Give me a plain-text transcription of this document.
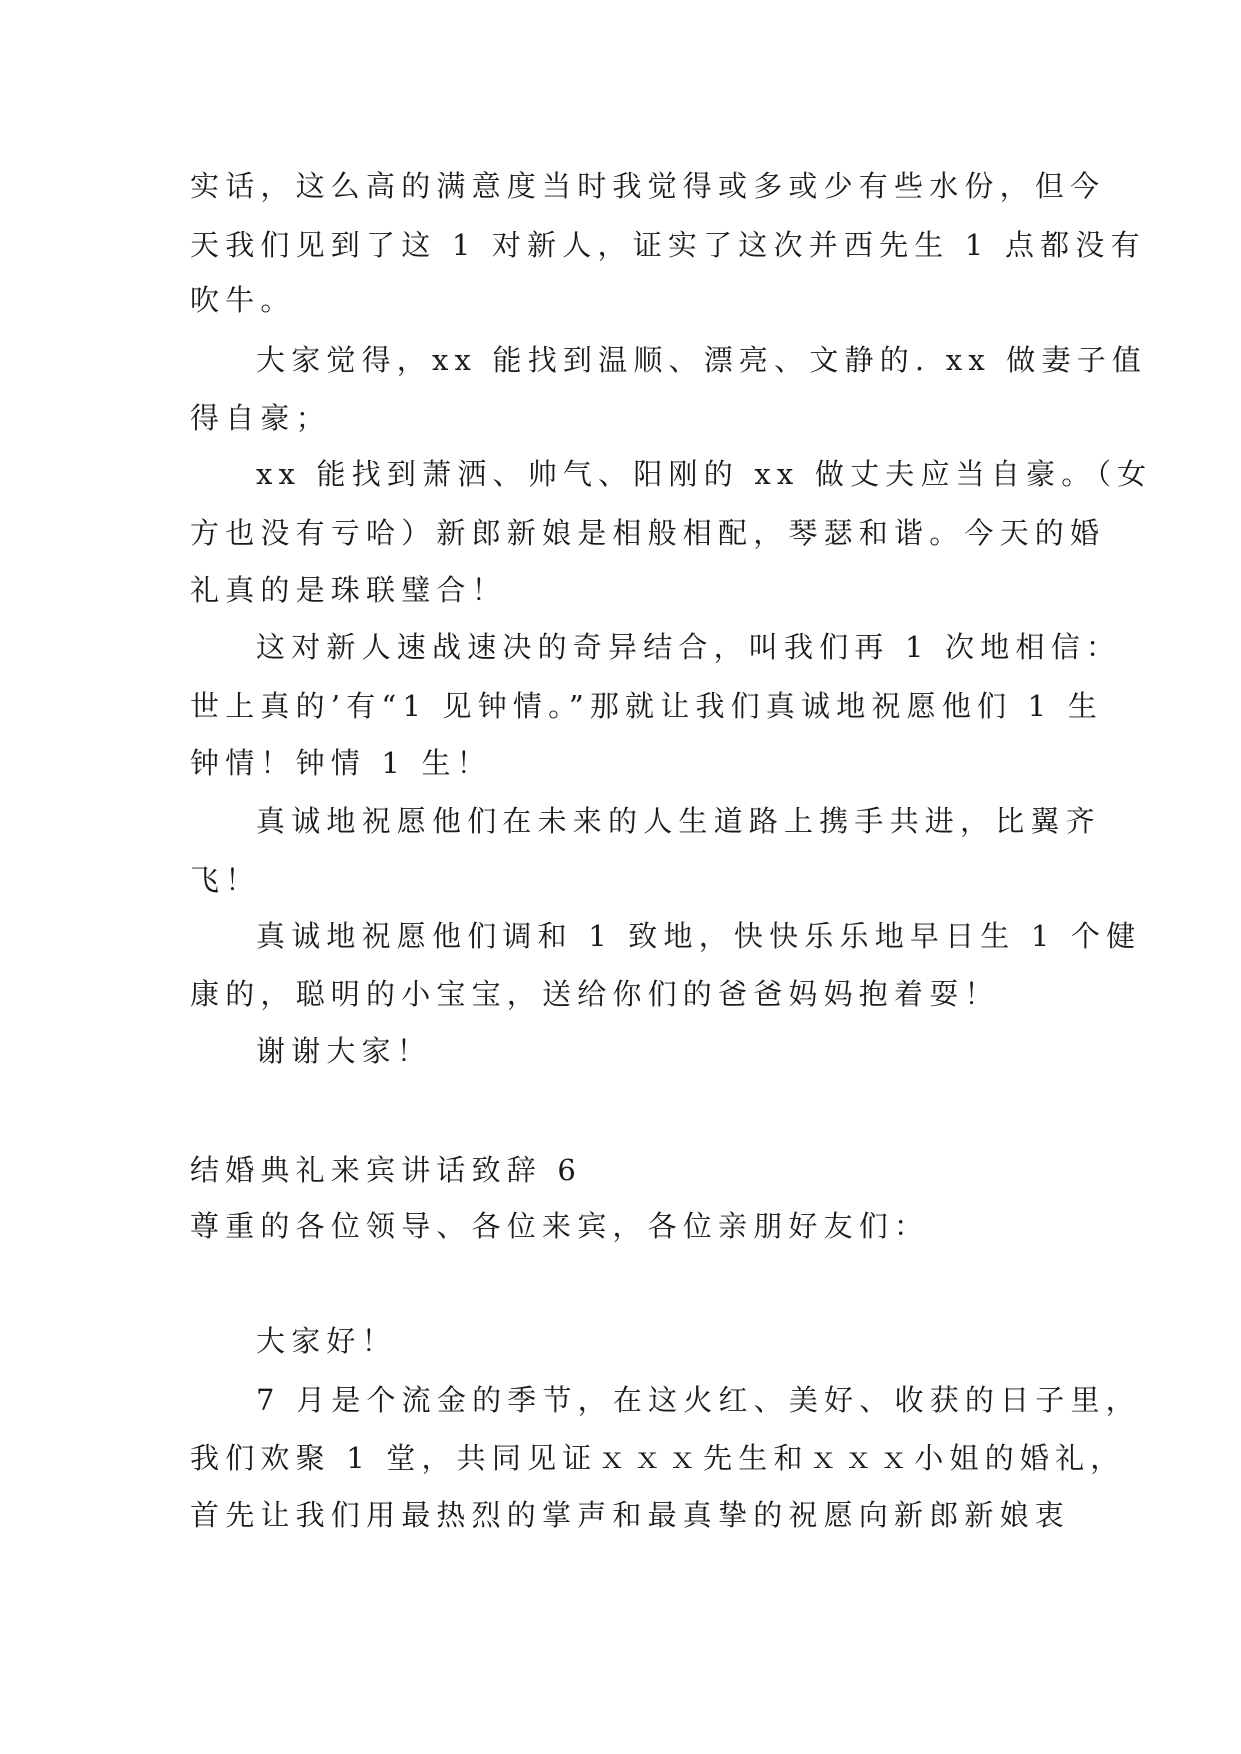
实话，这么高的满意度当时我觉得或多或少有些水份，但今
天我们见到了这 1 对新人，证实了这次并西先生 1 点都没有
吹牛。
大家觉得，xx 能找到温顺、漂亮、文静的. xx 做妻子值
得自豪；
xx 能找到萧洒、帅气、阳刚的 xx 做丈夫应当自豪。（女
方也没有亏哈）新郎新娘是相般相配，琴瑟和谐。今天的婚
礼真的是珠联璧合！
这对新人速战速决的奇异结合，叫我们再 1 次地相信：
世上真的’有“1 见钟情。”那就让我们真诚地祝愿他们 1 生
钟情！钟情 1 生！
真诚地祝愿他们在未来的人生道路上携手共进，比翼齐
飞！
真诚地祝愿他们调和 1 致地，快快乐乐地早日生 1 个健
康的，聪明的小宝宝，送给你们的爸爸妈妈抱着耍！
谢谢大家！
结婚典礼来宾讲话致辞 6
尊重的各位领导、各位来宾，各位亲朋好友们：
大家好！
7 月是个流金的季节，在这火红、美好、收获的日子里，
我们欢聚 1 堂，共同见证ｘｘｘ先生和ｘｘｘ小姐的婚礼，
首先让我们用最热烈的掌声和最真挚的祝愿向新郎新娘衷
